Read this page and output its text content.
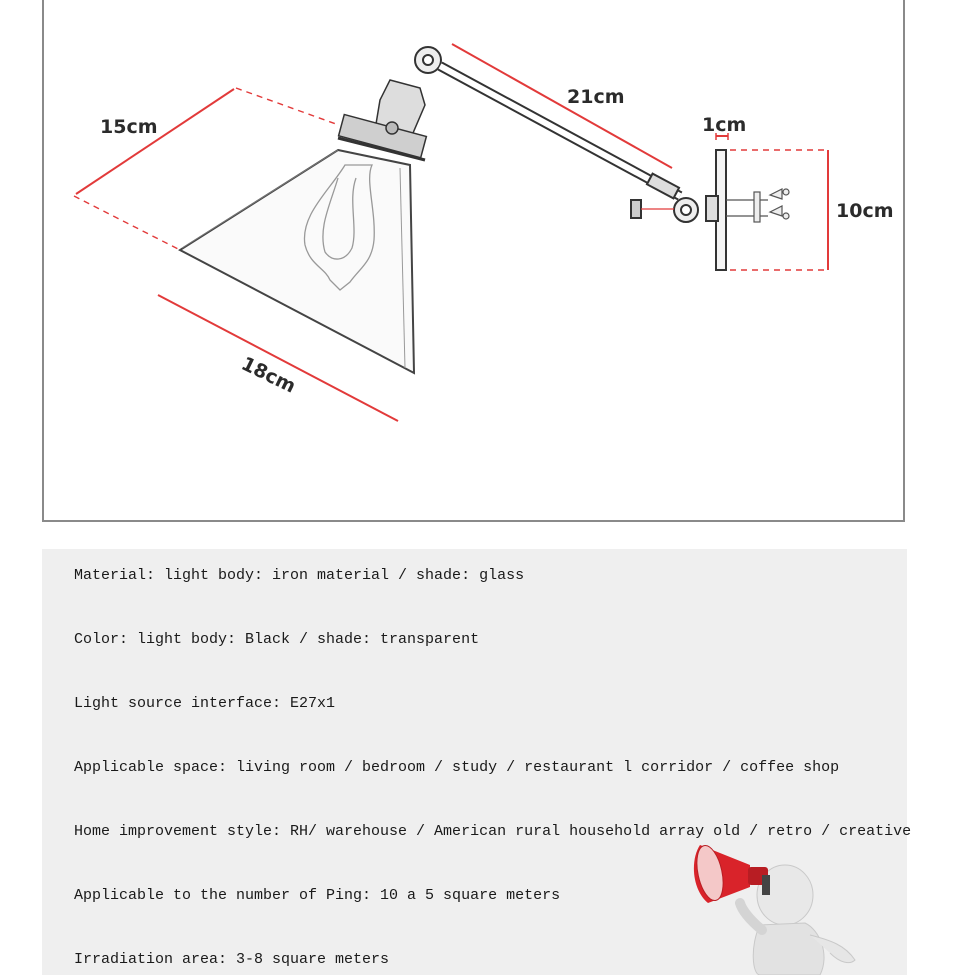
15cm
18cm
21cm
1cm
10cm
Material: light body: iron material / shade: glass
Color: light body: Black / shade: transparent
Light source interface: E27x1
Applicable space: living room / bedroom / study / restaurant l corridor / coffee shop
Home improvement style: RH/ warehouse / American rural household array old / retro / creative
Applicable to the number of Ping: 10 a 5 square meters
Irradiation area: 3-8 square meters
